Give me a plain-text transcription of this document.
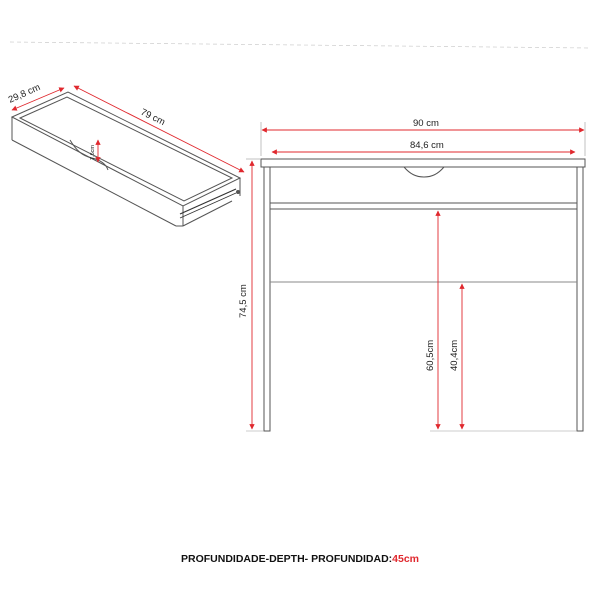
29,8 cm
79 cm
7,6cm
90 cm
84,6 cm
74,5 cm
60,5cm 40,4cm
PROFUNDIDADE-DEPTH- PROFUNDIDAD:45cm
